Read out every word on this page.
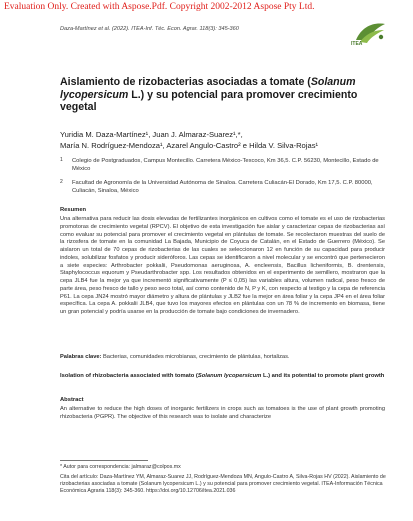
Evaluation Only. Created with Aspose.Pdf. Copyright 2002-2012 Aspose Pty Ltd.
Daza-Martínez et al. (2022). ITEA-Inf. Téc. Econ. Agrar. 118(3): 345-360
ITEA
Aislamiento de rizobacterias asociadas a tomate (Solanum lycopersicum L.) y su potencial para promover crecimiento vegetal
Yuridia M. Daza-Martínez¹, Juan J. Almaraz-Suarez¹,*,
María N. Rodríguez-Mendoza¹, Azarel Angulo-Castro² e Hilda V. Silva-Rojas¹
1	Colegio de Postgraduados, Campus Montecillo. Carretera México-Texcoco, Km 36,5. C.P. 56230, Montecillo, Estado de México
2	Facultad de Agronomía de la Universidad Autónoma de Sinaloa. Carretera Culiacán-El Dorado, Km 17,5. C.P. 80000, Culiacán, Sinaloa, México
Resumen

Una alternativa para reducir las dosis elevadas de fertilizantes inorgánicos en cultivos como el tomate es el uso de rizobacterias promotoras de crecimiento vegetal (RPCV). El objetivo de esta investigación fue aislar y caracterizar cepas de rizobacterias así como evaluar su potencial para promover el crecimiento vegetal en plántulas de tomate. Se recolectaron muestras del suelo de la rizosfera de tomate en la comunidad La Bajada, Municipio de Coyuca de Catalán, en el Estado de Guerrero (México). Se aislaron un total de 70 cepas de rizobacterias de las cuales se seleccionaron 12 en función de su capacidad para producir indoles, solubilizar fosfatos y producir sideróforos. Las cepas se identificaron a nivel molecular y se encontró que pertenecieron a siete especies: Arthrobacter pokkalii, Pseudomonas aeruginosa, A. encleensis, Bacillus licheniformis, B. drentensis, Staphylococcus equorum y Pseudarthrobacter spp. Los resultados obtenidos en el experimento de semillero, mostraron que la cepa JLB4 fue la mejor ya que incrementó significativamente (P ≤ 0,05) las variables altura, volumen radical, peso fresco de parte área, peso fresco de tallo y peso seco total, así como contenido de N, P y K, con respecto al testigo y la cepa de referencia P61. La cepa JN24 mostró mayor diámetro y altura de plántulas y JLB2 fue la mejor en área foliar y la cepa JP4 en el área foliar específica. La cepa A. pokkalii JLB4, que tuvo los mayores efectos en plántulas con un 78 % de incremento en biomasa, tiene un gran potencial y podría usarse en la producción de tomate bajo condiciones de invernadero.

Palabras clave: Bacterias, comunidades microbianas, crecimiento de plántulas, hortalizas.
Isolation of rhizobacteria associated with tomato (Solanum lycopersicum L.) and its potential to promote plant growth
Abstract

An alternative to reduce the high doses of inorganic fertilizers in crops such as tomatoes is the use of plant growth promoting rhizobacteria (PGPR). The objective of this research was to isolate and characterize

* Autor para correspondencia: jalmaraz@colpos.mx
Cita del artículo: Daza-Martínez YM, Almaraz-Suarez JJ, Rodríguez-Mendoza MN, Angulo-Castro A, Silva-Rojas HV (2022). Aislamiento de rizobacterias asociadas a tomate (Solanum lycopersicum L.) y su potencial para promover crecimiento vegetal. ITEA-Información Técnica Económica Agraria 118(3): 345-360. https://doi.org/10.12706/itea.2021.036
